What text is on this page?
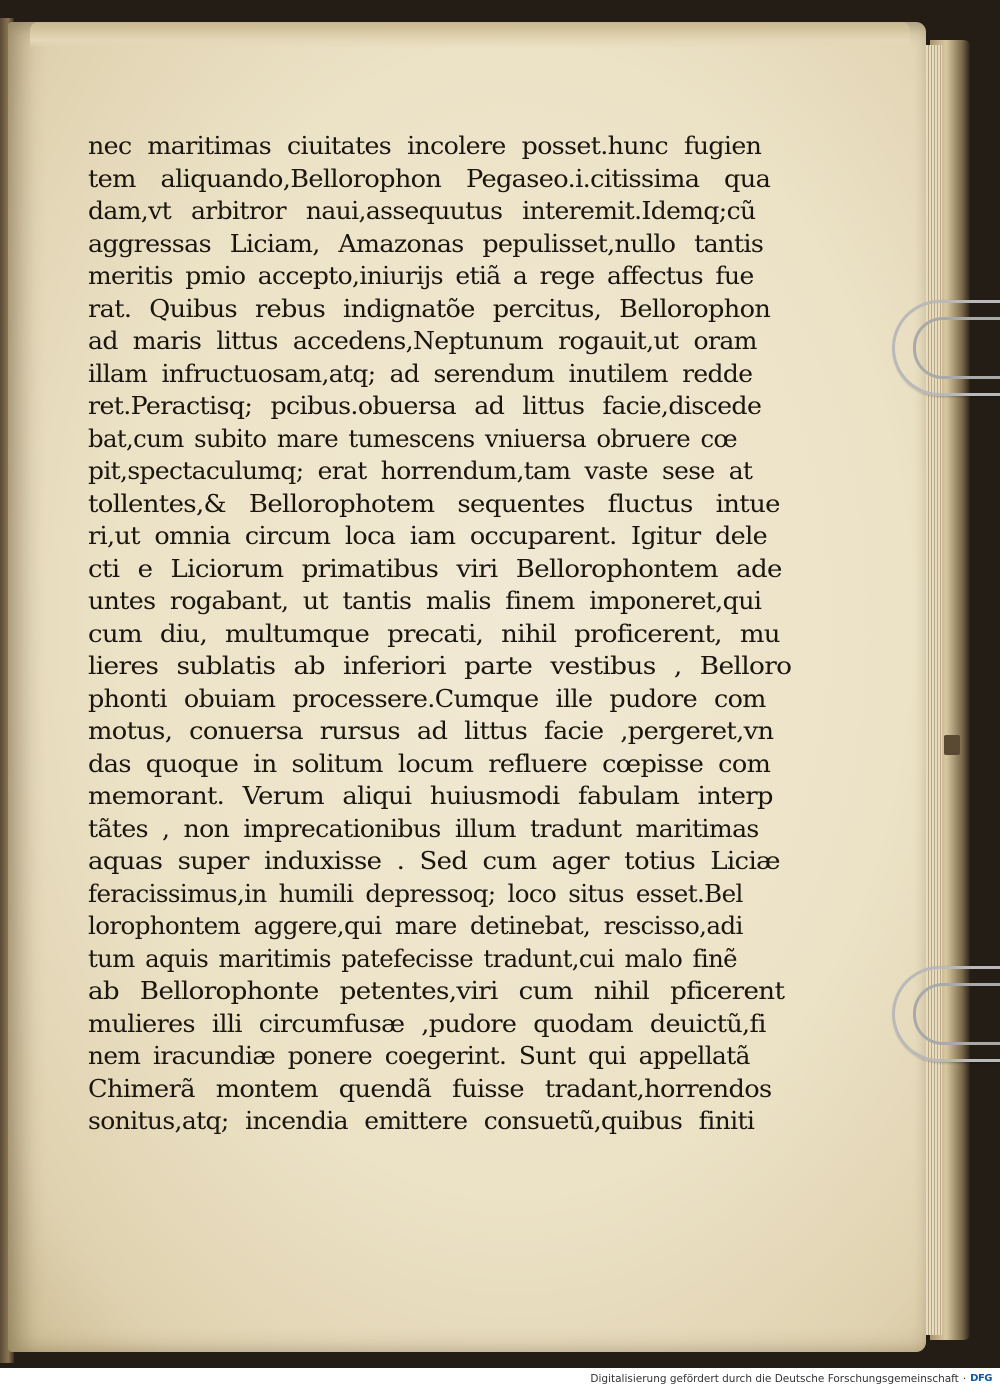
nec maritimas ciuitates incolere posset.hunc fugien
tem aliquando,Bellorophon Pegaseo.i.citissima qua
dam,vt arbitror naui,assequutus interemit.Idemq;cũ
aggressas Liciam, Amazonas pepulisset,nullo tantis
meritis pmio accepto,iniurijs etiã a rege affectus fue
rat. Quibus rebus indignatõe percitus, Bellorophon
ad maris littus accedens,Neptunum rogauit,ut oram
illam infructuosam,atq; ad serendum inutilem redde
ret.Peractisq; pcibus.obuersa ad littus facie,discede
bat,cum subito mare tumescens vniuersa obruere cœ
pit,spectaculumq; erat horrendum,tam vaste sese at
tollentes,& Bellorophotem sequentes fluctus intue
ri,ut omnia circum loca iam occuparent. Igitur dele
cti e Liciorum primatibus viri Bellorophontem ade
untes rogabant, ut tantis malis finem imponeret,qui
cum diu, multumque precati, nihil proficerent, mu
lieres sublatis ab inferiori parte vestibus , Belloro
phonti obuiam processere.Cumque ille pudore com
motus, conuersa rursus ad littus facie ,pergeret,vn
das quoque in solitum locum refluere cœpisse com
memorant. Verum aliqui huiusmodi fabulam interp
tãtes , non imprecationibus illum tradunt maritimas
aquas super induxisse . Sed cum ager totius Liciæ
feracissimus,in humili depressoq; loco situs esset.Bel
lorophontem aggere,qui mare detinebat, rescisso,adi
tum aquis maritimis patefecisse tradunt,cui malo finẽ
ab Bellorophonte petentes,viri cum nihil pficerent
mulieres illi circumfusæ ,pudore quodam deuictũ,fi
nem iracundiæ ponere coegerint. Sunt qui appellatã
Chimerã montem quendã fuisse tradant,horrendos
sonitus,atq; incendia emittere consuetũ,quibus finiti
Digitalisierung gefördert durch die Deutsche Forschungsgemeinschaft · DFG
